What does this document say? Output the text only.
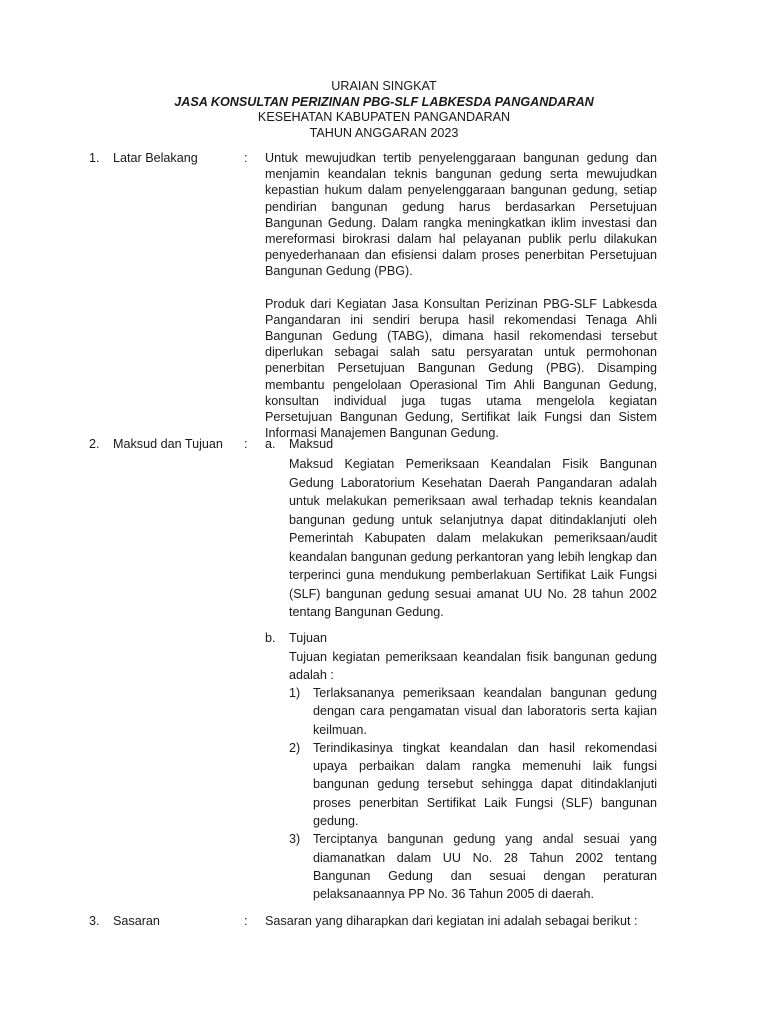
URAIAN SINGKAT
JASA KONSULTAN PERIZINAN PBG-SLF LABKESDA PANGANDARAN
KESEHATAN KABUPATEN PANGANDARAN
TAHUN ANGGARAN 2023
1. Latar Belakang	: Untuk mewujudkan tertib penyelenggaraan bangunan gedung dan menjamin keandalan teknis bangunan gedung serta mewujudkan kepastian hukum dalam penyelenggaraan bangunan gedung, setiap pendirian bangunan gedung harus berdasarkan Persetujuan Bangunan Gedung. Dalam rangka meningkatkan iklim investasi dan mereformasi birokrasi dalam hal pelayanan publik perlu dilakukan penyederhanaan dan efisiensi dalam proses penerbitan Persetujuan Bangunan Gedung (PBG).

Produk dari Kegiatan Jasa Konsultan Perizinan PBG-SLF Labkesda Pangandaran ini sendiri berupa hasil rekomendasi Tenaga Ahli Bangunan Gedung (TABG), dimana hasil rekomendasi tersebut diperlukan sebagai salah satu persyaratan untuk permohonan penerbitan Persetujuan Bangunan Gedung (PBG). Disamping membantu pengelolaan Operasional Tim Ahli Bangunan Gedung, konsultan individual juga tugas utama mengelola kegiatan Persetujuan Bangunan Gedung, Sertifikat laik Fungsi dan Sistem Informasi Manajemen Bangunan Gedung.

2. Maksud dan Tujuan : a. Maksud

Maksud Kegiatan Pemeriksaan Keandalan Fisik Bangunan Gedung Laboratorium Kesehatan Daerah Pangandaran adalah untuk melakukan pemeriksaan awal terhadap teknis keandalan bangunan gedung untuk selanjutnya dapat ditindaklanjuti oleh Pemerintah Kabupaten dalam melakukan pemeriksaan/audit keandalan bangunan gedung perkantoran yang lebih lengkap dan terperinci guna mendukung pemberlakuan Sertifikat Laik Fungsi (SLF) bangunan gedung sesuai amanat UU No. 28 tahun 2002 tentang Bangunan Gedung.

b. Tujuan

Tujuan kegiatan pemeriksaan keandalan fisik bangunan gedung adalah :

1) Terlaksananya pemeriksaan keandalan bangunan gedung dengan cara pengamatan visual dan laboratoris serta kajian keilmuan.

2) Terindikasinya tingkat keandalan dan hasil rekomendasi upaya perbaikan dalam rangka memenuhi laik fungsi bangunan gedung tersebut sehingga dapat ditindaklanjuti proses penerbitan Sertifikat Laik Fungsi (SLF) bangunan gedung.

3) Terciptanya bangunan gedung yang andal sesuai yang diamanatkan dalam UU No. 28 Tahun 2002 tentang Bangunan Gedung dan sesuai dengan peraturan pelaksanaannya PP No. 36 Tahun 2005 di daerah.

3. Sasaran	: Sasaran yang diharapkan dari kegiatan ini adalah sebagai berikut :
